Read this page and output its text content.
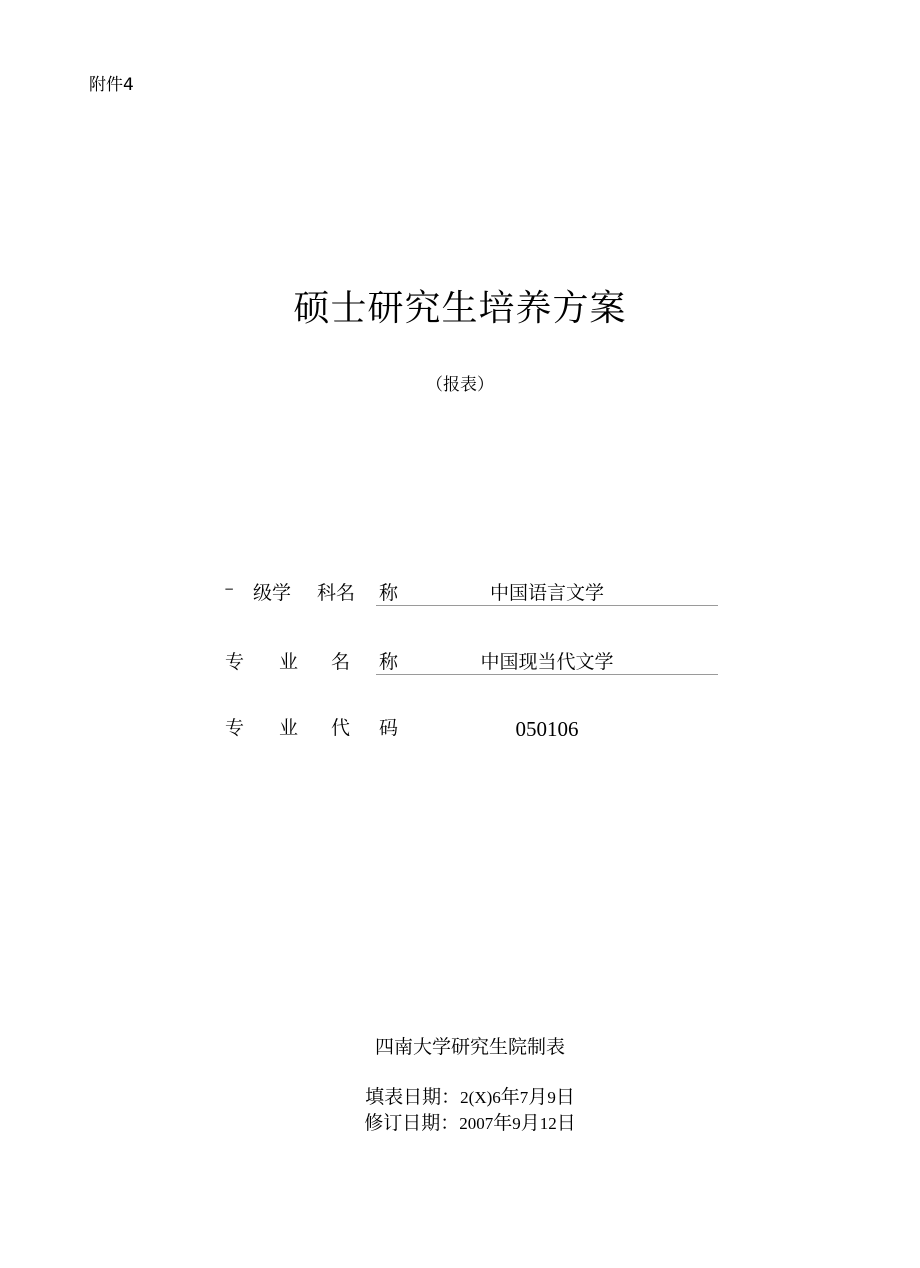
附件4
硕士研究生培养方案
（报表）
− 级学 科名 称	中国语言文学
专 业 名 称	中国现当代文学
专 业 代 码	050106
四南大学研究生院制表
填表日期：2(X)6年7月9日
修订日期：2007年9月12日
